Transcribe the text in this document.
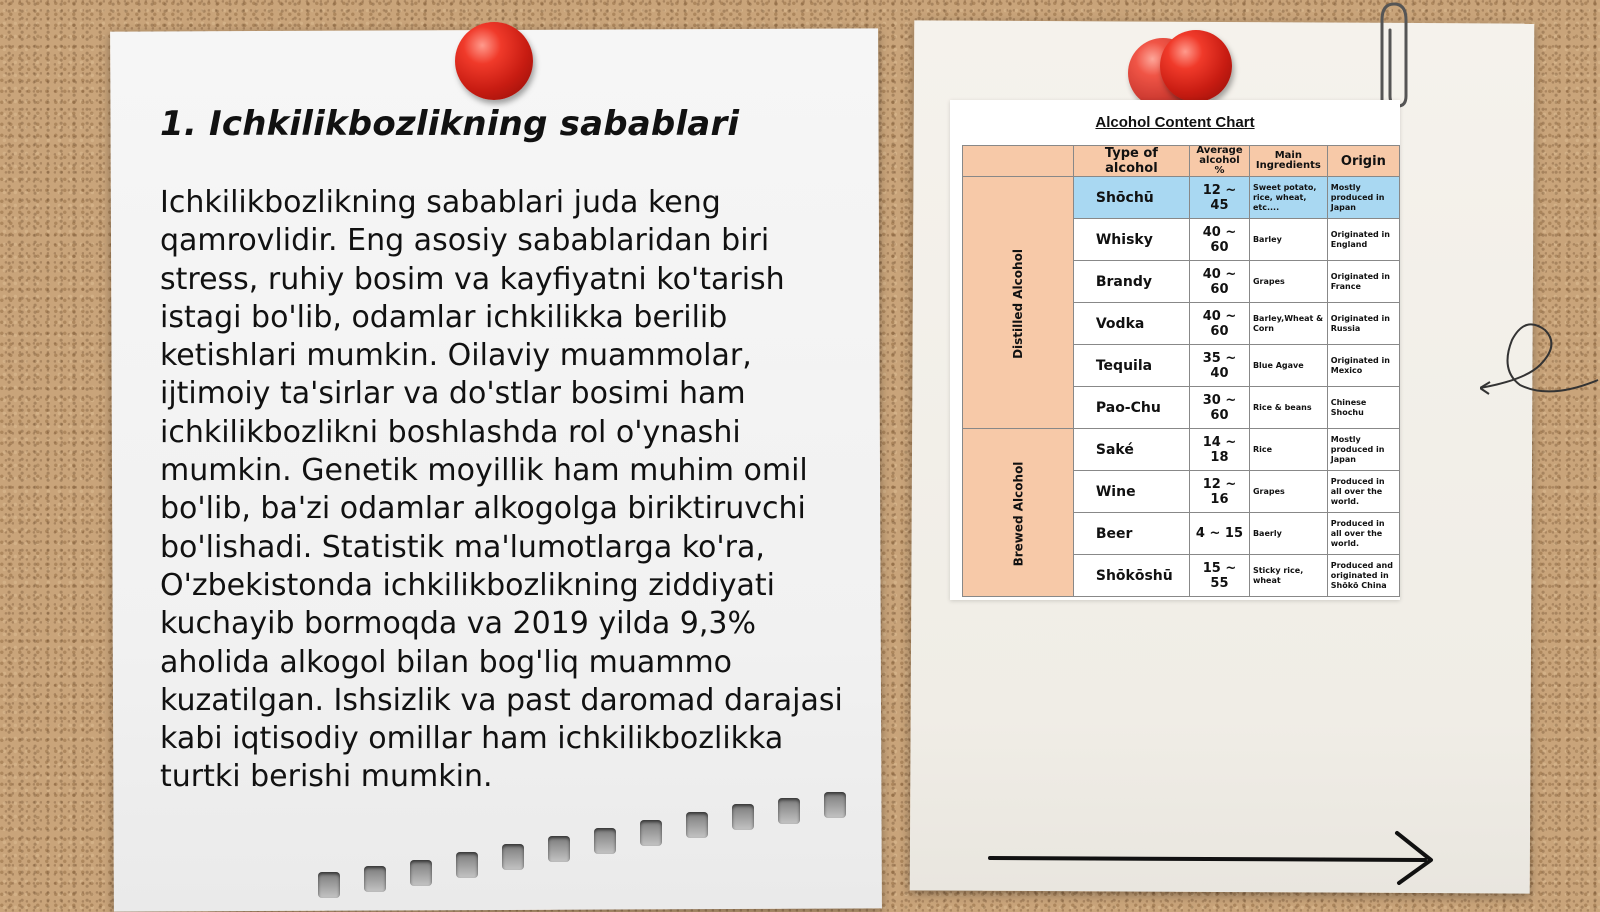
1. Ichkilikbozlikning sabablari

Ichkilikbozlikning sabablari juda keng qamrovlidir. Eng asosiy sabablaridan biri stress, ruhiy bosim va kayfiyatni ko'tarish istagi bo'lib, odamlar ichkilikka berilib ketishlari mumkin. Oilaviy muammolar, ijtimoiy ta'sirlar va do'stlar bosimi ham ichkilikbozlikni boshlashda rol o'ynashi mumkin. Genetik moyillik ham muhim omil bo'lib, ba'zi odamlar alkogolga biriktiruvchi bo'lishadi. Statistik ma'lumotlarga ko'ra, O'zbekistonda ichkilikbozlikning ziddiyati kuchayib bormoqda va 2019 yilda 9,3% aholida alkogol bilan bog'liq muammo kuzatilgan. Ishsizlik va past daromad darajasi kabi iqtisodiy omillar ham ichkilikbozlikka turtki berishi mumkin.

Alcohol Content Chart
	Type of alcohol	Average alcohol %	Main Ingredients	Origin
Distilled Alcohol	Shōchū	12 ~ 45	Sweet potato, rice, wheat, etc....	Mostly produced in Japan
	Whisky	40 ~ 60	Barley	Originated in England
	Brandy	40 ~ 60	Grapes	Originated in France
	Vodka	40 ~ 60	Barley,Wheat & Corn	Originated in Russia
	Tequila	35 ~ 40	Blue Agave	Originated in Mexico
	Pao-Chu	30 ~ 60	Rice & beans	Chinese Shochu
Brewed Alcohol	Saké	14 ~ 18	Rice	Mostly produced in Japan
	Wine	12 ~ 16	Grapes	Produced in all over the world.
	Beer	4 ~ 15	Baerly	Produced in all over the world.
	Shōkōshū	15 ~ 55	Sticky rice, wheat	Produced and originated in Shōkō China
